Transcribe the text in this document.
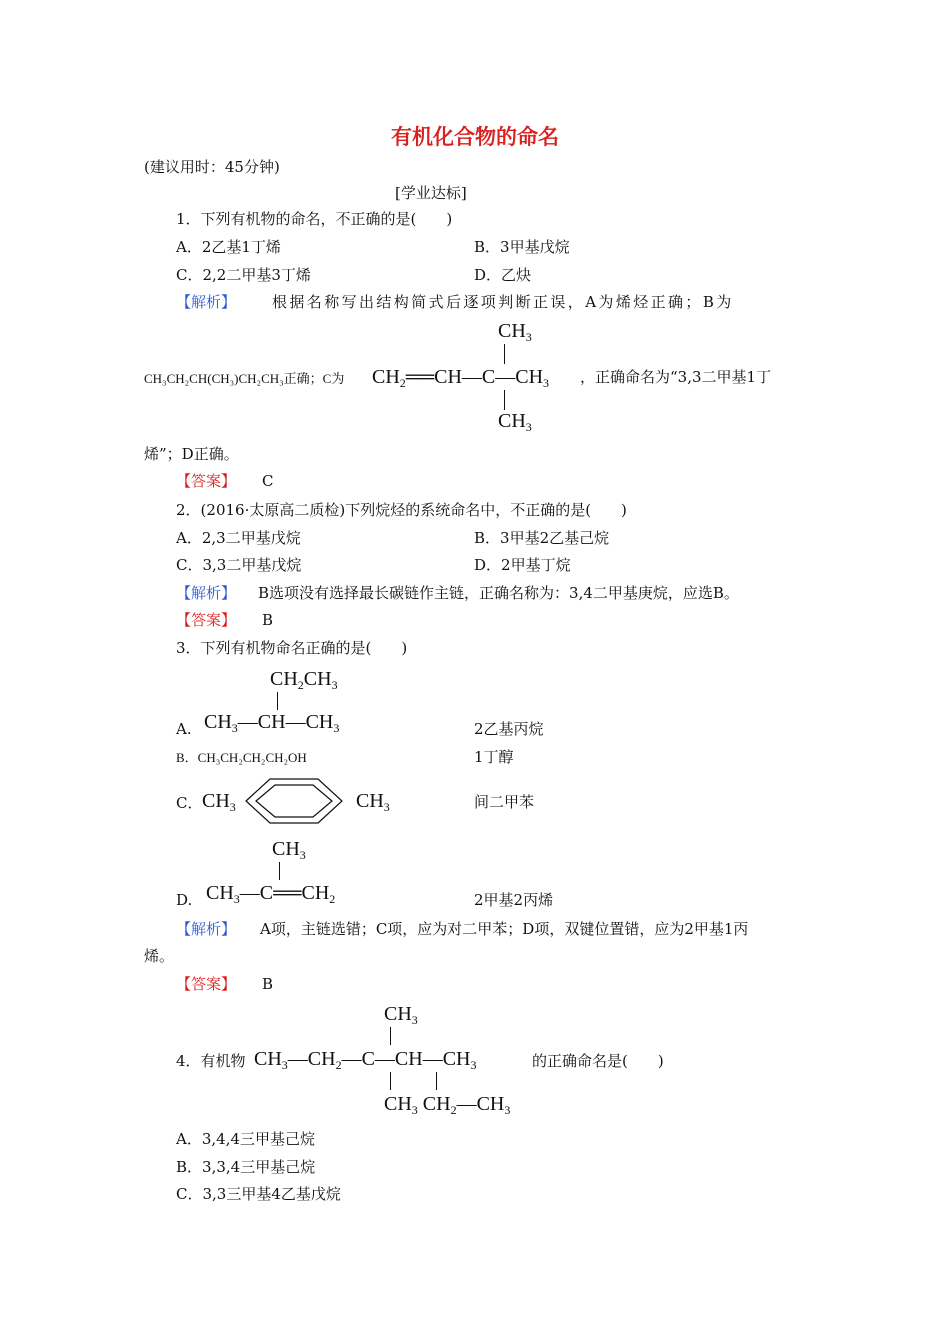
有机化合物的命名
(建议用时：45分钟)
[学业达标]
1．下列有机物的命名，不正确的是(　　)
A．2乙基1丁烯	B．3甲基戊烷
C．2,2二甲基3丁烯	D．乙炔
【解析】 根据名称写出结构简式后逐项判断正误，A为烯烃正确；B为
$CH_3$
$CH_2══CH—C—CH_3$
$CH_3$
CH₃CH₂CH(CH₃)CH₂CH₃正确；C为	，正确命名为“3,3二甲基1丁
烯”；D正确。
【答案】 C
2．(2016·太原高二质检)下列烷烃的系统命名中，不正确的是(　　)
A．2,3二甲基戊烷	B．3甲基2乙基己烷
C．3,3二甲基戊烷	D．2甲基丁烷
【解析】 B选项没有选择最长碳链作主链，正确名称为：3,4二甲基庚烷，应选B。
【答案】 B
3．下列有机物命名正确的是(　　)
$CH_2CH_3$
$CH_3—CH—CH_3$
A.	2乙基丙烷
B．CH₃CH₂CH₂CH₂OH	1丁醇
C． $CH_3$	$CH_3$	间二甲苯
$CH_3$
$CH_3—C══CH_2$
D.	2甲基2丙烯
【解析】 A项，主链选错；C项，应为对二甲苯；D项，双键位置错，应为2甲基1丙
烯。
【答案】 B
4．有机物
$CH_3$
$CH_3—CH_2—C—CH—CH_3$
$CH_3$ $CH_2—CH_3$
的正确命名是(　　)
A．3,4,4三甲基己烷
B．3,3,4三甲基己烷
C．3,3三甲基4乙基戊烷
